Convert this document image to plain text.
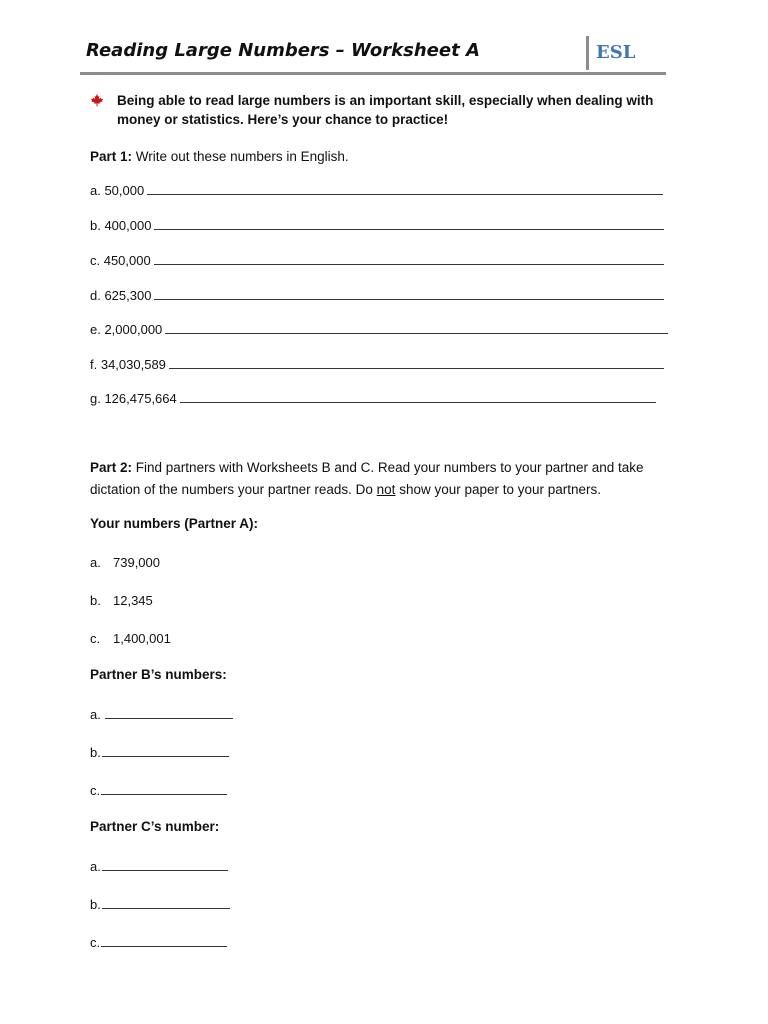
Reading Large Numbers – Worksheet A	ESL
Being able to read large numbers is an important skill, especially when dealing with money or statistics. Here’s your chance to practice!
Part 1: Write out these numbers in English.
a. 50,000
b. 400,000
c. 450,000
d. 625,300
e. 2,000,000
f. 34,030,589
g. 126,475,664
Part 2: Find partners with Worksheets B and C. Read your numbers to your partner and take dictation of the numbers your partner reads. Do not show your paper to your partners.
Your numbers (Partner A):
a. 739,000
b. 12,345
c. 1,400,001
Partner B’s numbers:
a.
b.
c.
Partner C’s number:
a.
b.
c.
